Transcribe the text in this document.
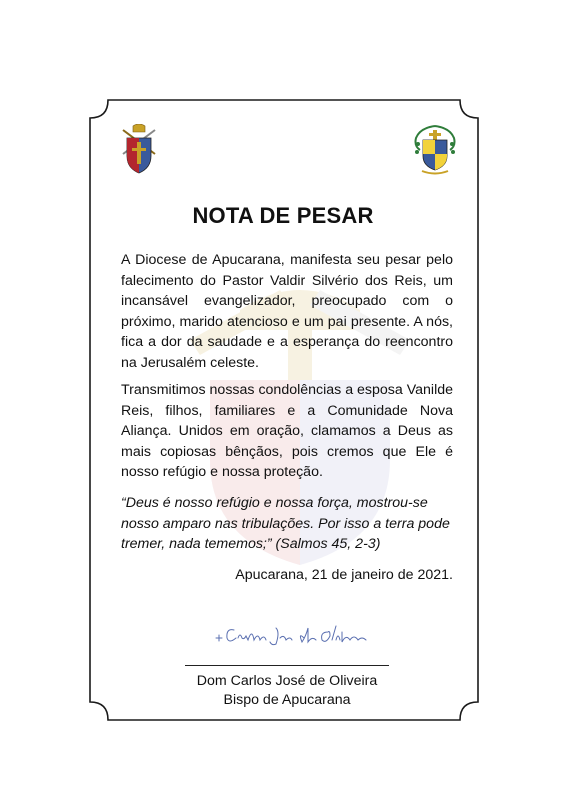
NOTA DE PESAR
A Diocese de Apucarana, manifesta seu pesar pelo falecimento do Pastor Valdir Silvério dos Reis, um incansável evangelizador, preocupado com o próximo, marido atencioso e um pai presente. A nós, fica a dor da saudade e a esperança do reencontro na Jerusalém celeste.
Transmitimos nossas condolências a esposa Vanilde Reis, filhos, familiares e a Comunidade Nova Aliança. Unidos em oração, clamamos a Deus as mais copiosas bênçãos, pois cremos que Ele é nosso refúgio e nossa proteção.
“Deus é nosso refúgio e nossa força, mostrou-se nosso amparo nas tribulações. Por isso a terra pode tremer, nada tememos;” (Salmos 45, 2-3)
Apucarana, 21 de janeiro de 2021.
Dom Carlos José de Oliveira
Bispo de Apucarana
